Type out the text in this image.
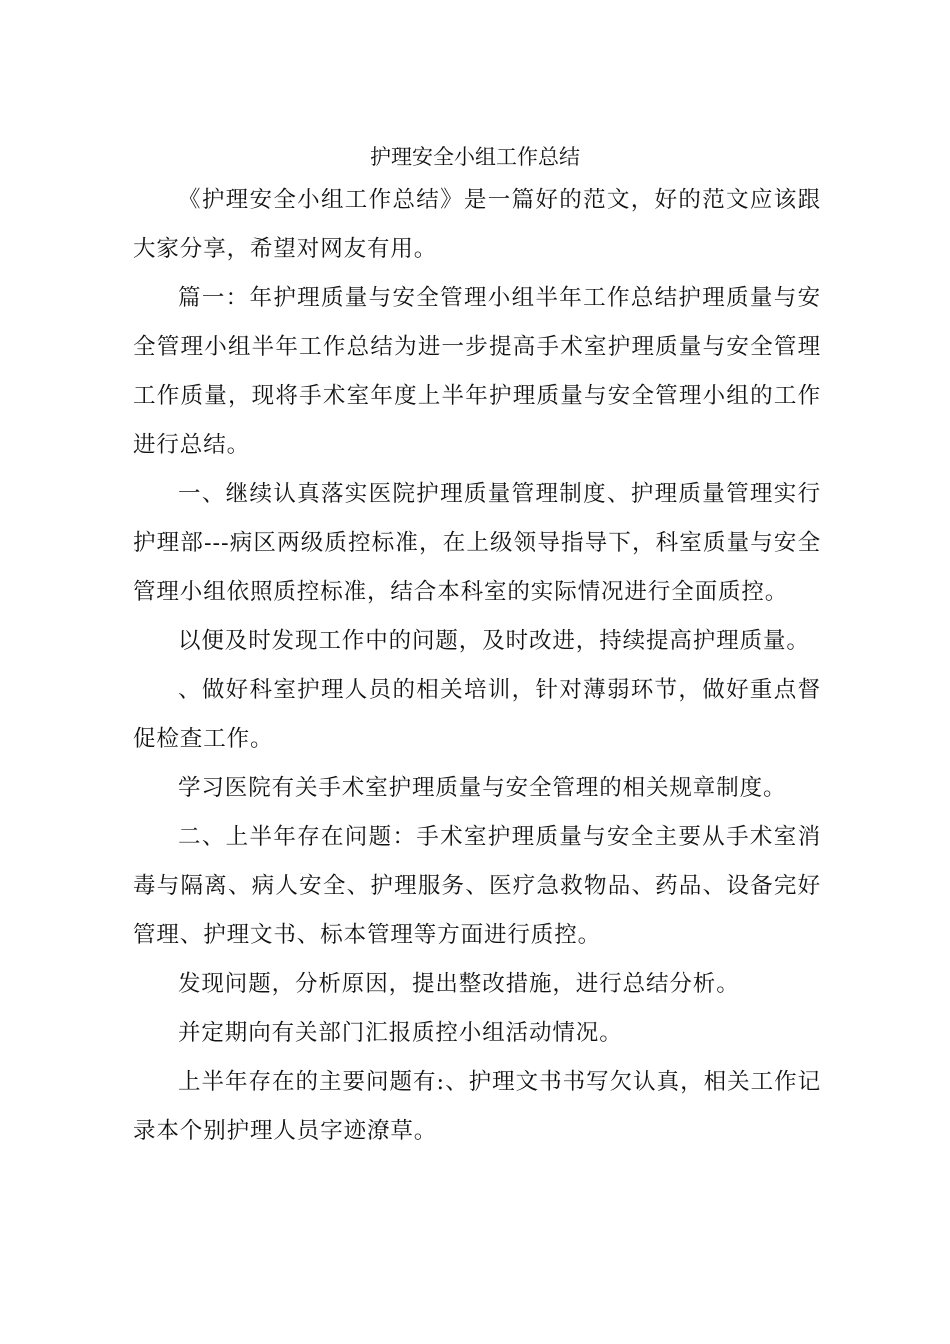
护理安全小组工作总结

《护理安全小组工作总结》是一篇好的范文，好的范文应该跟大家分享，希望对网友有用。

篇一：年护理质量与安全管理小组半年工作总结护理质量与安全管理小组半年工作总结为进一步提高手术室护理质量与安全管理工作质量，现将手术室年度上半年护理质量与安全管理小组的工作进行总结。

一、继续认真落实医院护理质量管理制度、护理质量管理实行护理部---病区两级质控标准，在上级领导指导下，科室质量与安全管理小组依照质控标准，结合本科室的实际情况进行全面质控。

以便及时发现工作中的问题，及时改进，持续提高护理质量。

、做好科室护理人员的相关培训，针对薄弱环节，做好重点督促检查工作。

学习医院有关手术室护理质量与安全管理的相关规章制度。

二、上半年存在问题：手术室护理质量与安全主要从手术室消毒与隔离、病人安全、护理服务、医疗急救物品、药品、设备完好管理、护理文书、标本管理等方面进行质控。

发现问题，分析原因，提出整改措施，进行总结分析。

并定期向有关部门汇报质控小组活动情况。

上半年存在的主要问题有:、护理文书书写欠认真，相关工作记录本个别护理人员字迹潦草。
